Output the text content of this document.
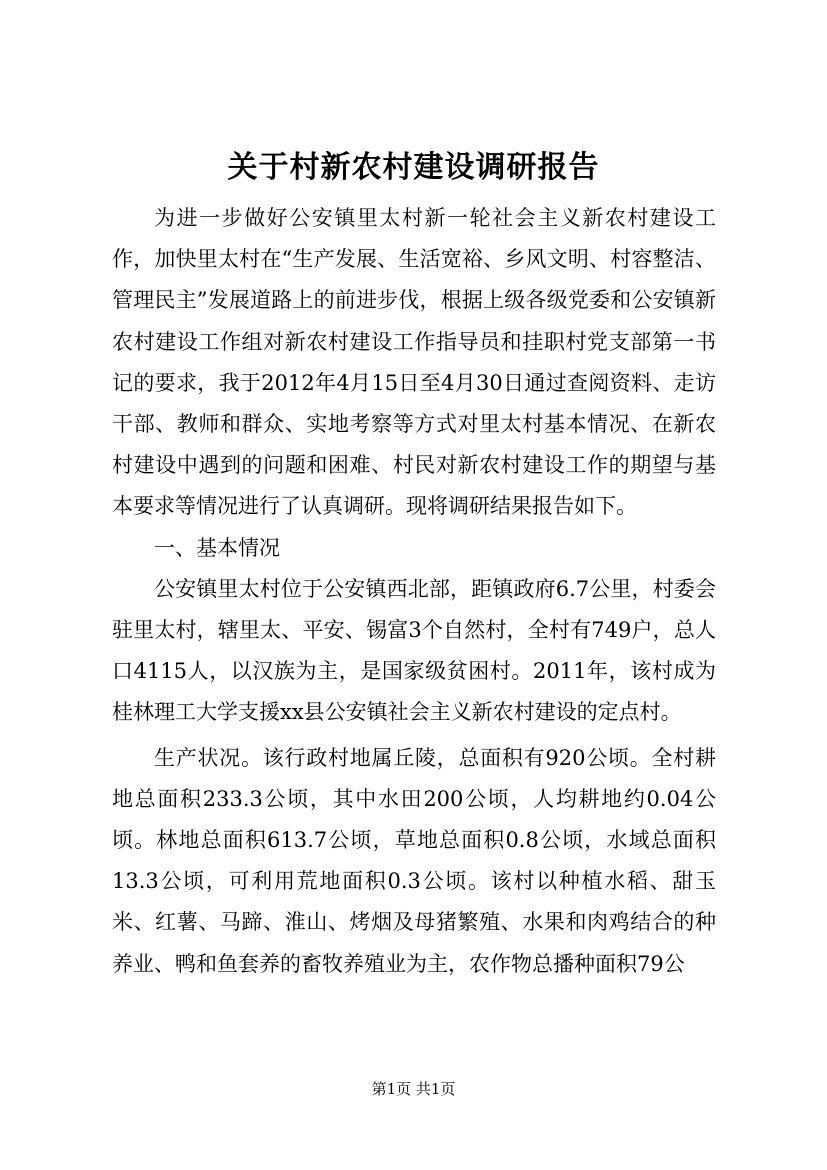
关于村新农村建设调研报告

为进一步做好公安镇里太村新一轮社会主义新农村建设工作，加快里太村在“生产发展、生活宽裕、乡风文明、村容整洁、管理民主”发展道路上的前进步伐，根据上级各级党委和公安镇新农村建设工作组对新农村建设工作指导员和挂职村党支部第一书记的要求，我于2012年4月15日至4月30日通过查阅资料、走访干部、教师和群众、实地考察等方式对里太村基本情况、在新农村建设中遇到的问题和困难、村民对新农村建设工作的期望与基本要求等情况进行了认真调研。现将调研结果报告如下。

一、基本情况

公安镇里太村位于公安镇西北部，距镇政府6.7公里，村委会驻里太村，辖里太、平安、锡富3个自然村，全村有749户，总人口4115人，以汉族为主，是国家级贫困村。2011年，该村成为桂林理工大学支援xx县公安镇社会主义新农村建设的定点村。

生产状况。该行政村地属丘陵，总面积有920公顷。全村耕地总面积233.3公顷，其中水田200公顷，人均耕地约0.04公顷。林地总面积613.7公顷，草地总面积0.8公顷，水域总面积13.3公顷，可利用荒地面积0.3公顷。该村以种植水稻、甜玉米、红薯、马蹄、淮山、烤烟及母猪繁殖、水果和肉鸡结合的种养业、鸭和鱼套养的畜牧养殖业为主，农作物总播种面积79公

第1页 共1页
